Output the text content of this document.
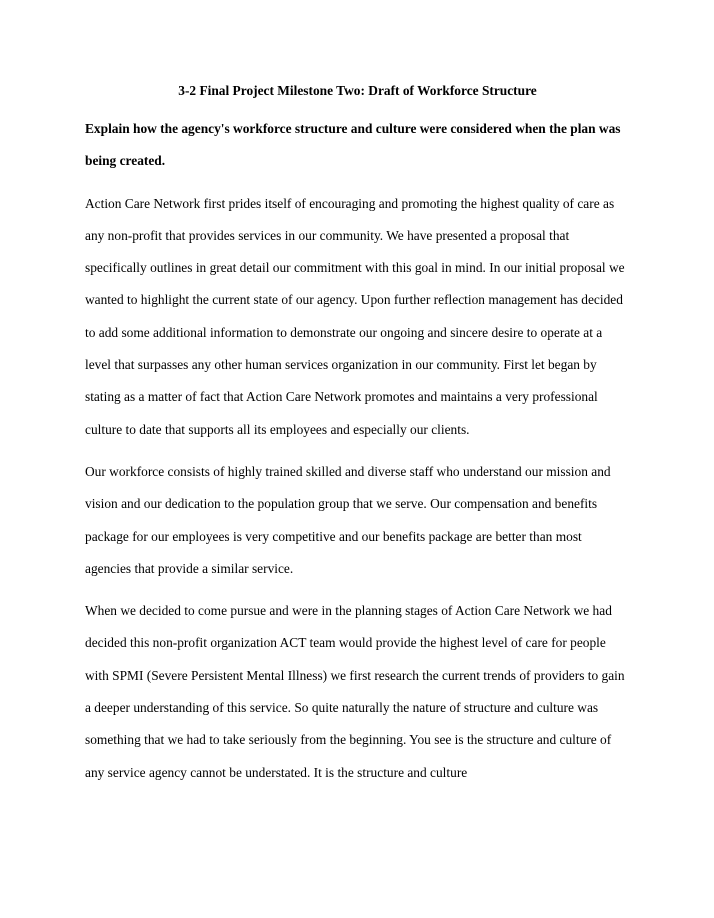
3-2 Final Project Milestone Two: Draft of Workforce Structure
Explain how the agency's workforce structure and culture were considered when the plan was being created.

Action Care Network first prides itself of encouraging and promoting the highest quality of care as any non-profit that provides services in our community. We have presented a proposal that specifically outlines in great detail our commitment with this goal in mind. In our initial proposal we wanted to highlight the current state of our agency. Upon further reflection management has decided to add some additional information to demonstrate our ongoing and sincere desire to operate at a level that surpasses any other human services organization in our community. First let began by stating as a matter of fact that Action Care Network promotes and maintains a very professional culture to date that supports all its employees and especially our clients.

Our workforce consists of highly trained skilled and diverse staff who understand our mission and vision and our dedication to the population group that we serve. Our compensation and benefits package for our employees is very competitive and our benefits package are better than most agencies that provide a similar service.

When we decided to come pursue and were in the planning stages of Action Care Network we had decided this non-profit organization ACT team would provide the highest level of care for people with SPMI (Severe Persistent Mental Illness) we first research the current trends of providers to gain a deeper understanding of this service. So quite naturally the nature of structure and culture was something that we had to take seriously from the beginning. You see is the structure and culture of any service agency cannot be understated. It is the structure and culture
